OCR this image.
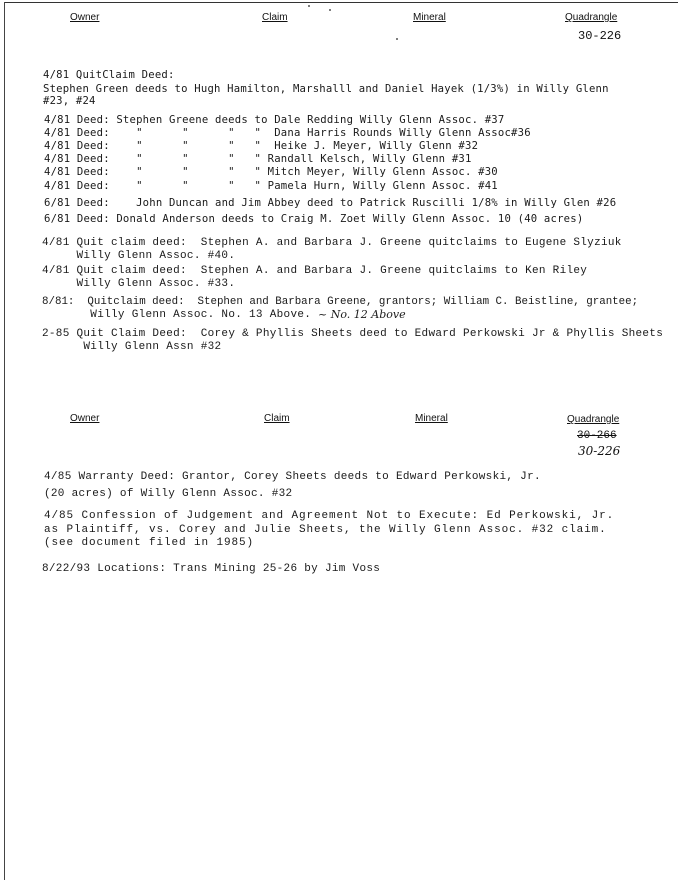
Owner	Claim	Mineral	Quadrangle
30-226
4/81 QuitClaim Deed:
Stephen Green deeds to Hugh Hamilton, Marshalll and Daniel Hayek (1/3%) in Willy Glenn
#23, #24
4/81 Deed: Stephen Greene deeds to Dale Redding Willy Glenn Assoc. #37
4/81 Deed:    "      "      "   "  Dana Harris Rounds Willy Glenn Assoc#36
4/81 Deed:    "      "      "   "  Heike J. Meyer, Willy Glenn #32
4/81 Deed:    "      "      "   " Randall Kelsch, Willy Glenn #31
4/81 Deed:    "      "      "   " Mitch Meyer, Willy Glenn Assoc. #30
4/81 Deed:    "      "      "   " Pamela Hurn, Willy Glenn Assoc. #41
6/81 Deed:    John Duncan and Jim Abbey deed to Patrick Ruscilli 1/8% in Willy Glen #26
6/81 Deed: Donald Anderson deeds to Craig M. Zoet Willy Glenn Assoc. 10 (40 acres)
4/81 Quit claim deed:  Stephen A. and Barbara J. Greene quitclaims to Eugene Slyziuk
Willy Glenn Assoc. #40.
4/81 Quit claim deed:  Stephen A. and Barbara J. Greene quitclaims to Ken Riley
Willy Glenn Assoc. #33.
8/81:  Quitclaim deed:  Stephen and Barbara Greene, grantors; William C. Beistline, grantee;
Willy Glenn Assoc. No. 13 Above. ~ No. 12 Above
2-85 Quit Claim Deed:  Corey & Phyllis Sheets deed to Edward Perkowski Jr & Phyllis Sheets
Willy Glenn Assn #32
Owner	Claim	Mineral	Quadrangle
30-266
30-226
4/85 Warranty Deed: Grantor, Corey Sheets deeds to Edward Perkowski, Jr.
(20 acres) of Willy Glenn Assoc. #32
4/85 Confession of Judgement and Agreement Not to Execute: Ed Perkowski, Jr.
as Plaintiff, vs. Corey and Julie Sheets, the Willy Glenn Assoc. #32 claim.
(see document filed in 1985)
8/22/93 Locations: Trans Mining 25-26 by Jim Voss
